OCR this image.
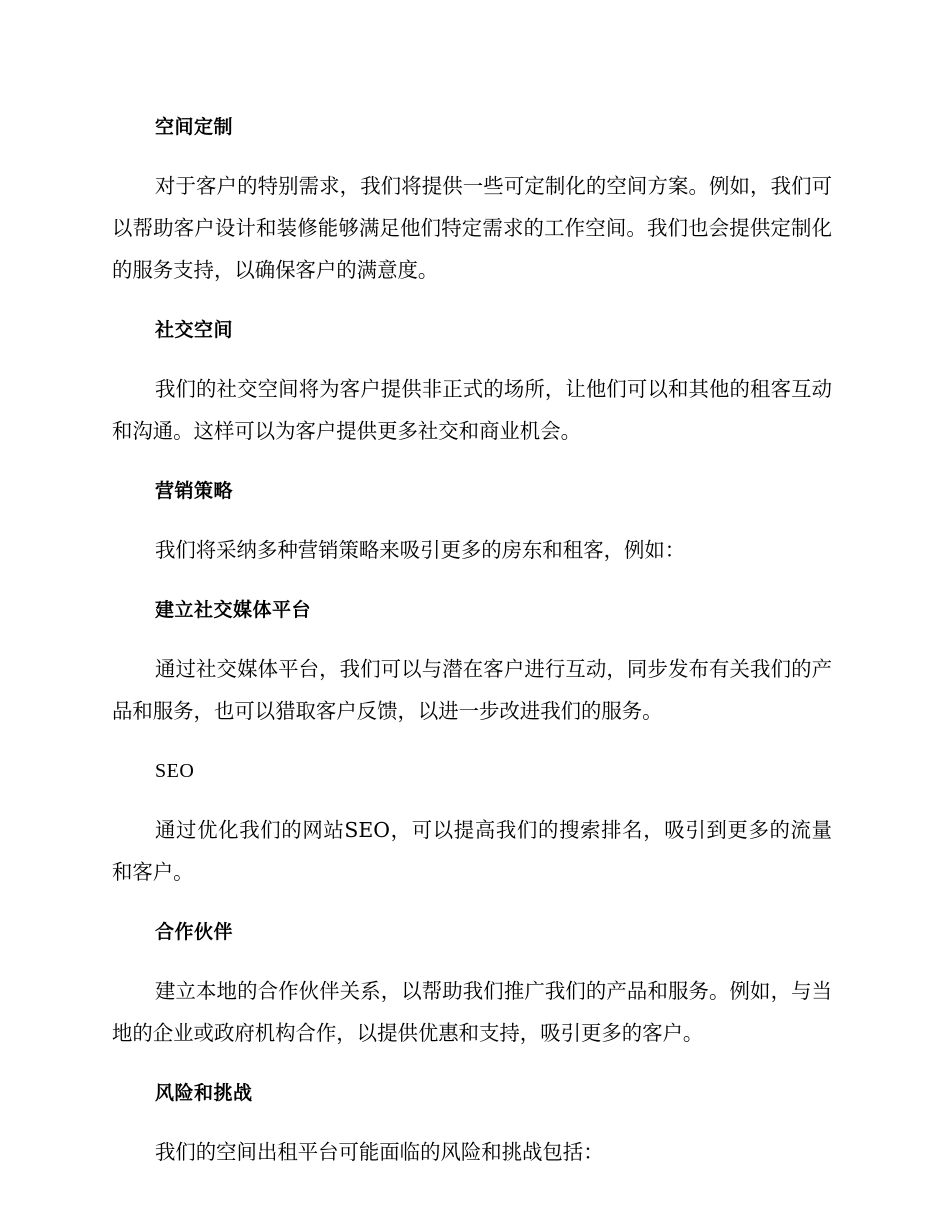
空间定制

对于客户的特别需求，我们将提供一些可定制化的空间方案。例如，我们可以帮助客户设计和装修能够满足他们特定需求的工作空间。我们也会提供定制化的服务支持，以确保客户的满意度。

社交空间

我们的社交空间将为客户提供非正式的场所，让他们可以和其他的租客互动和沟通。这样可以为客户提供更多社交和商业机会。

营销策略

我们将采纳多种营销策略来吸引更多的房东和租客，例如：

建立社交媒体平台

通过社交媒体平台，我们可以与潜在客户进行互动，同步发布有关我们的产品和服务，也可以猎取客户反馈，以进一步改进我们的服务。

SEO

通过优化我们的网站SEO，可以提高我们的搜索排名，吸引到更多的流量和客户。

合作伙伴

建立本地的合作伙伴关系，以帮助我们推广我们的产品和服务。例如，与当地的企业或政府机构合作，以提供优惠和支持，吸引更多的客户。

风险和挑战

我们的空间出租平台可能面临的风险和挑战包括：
